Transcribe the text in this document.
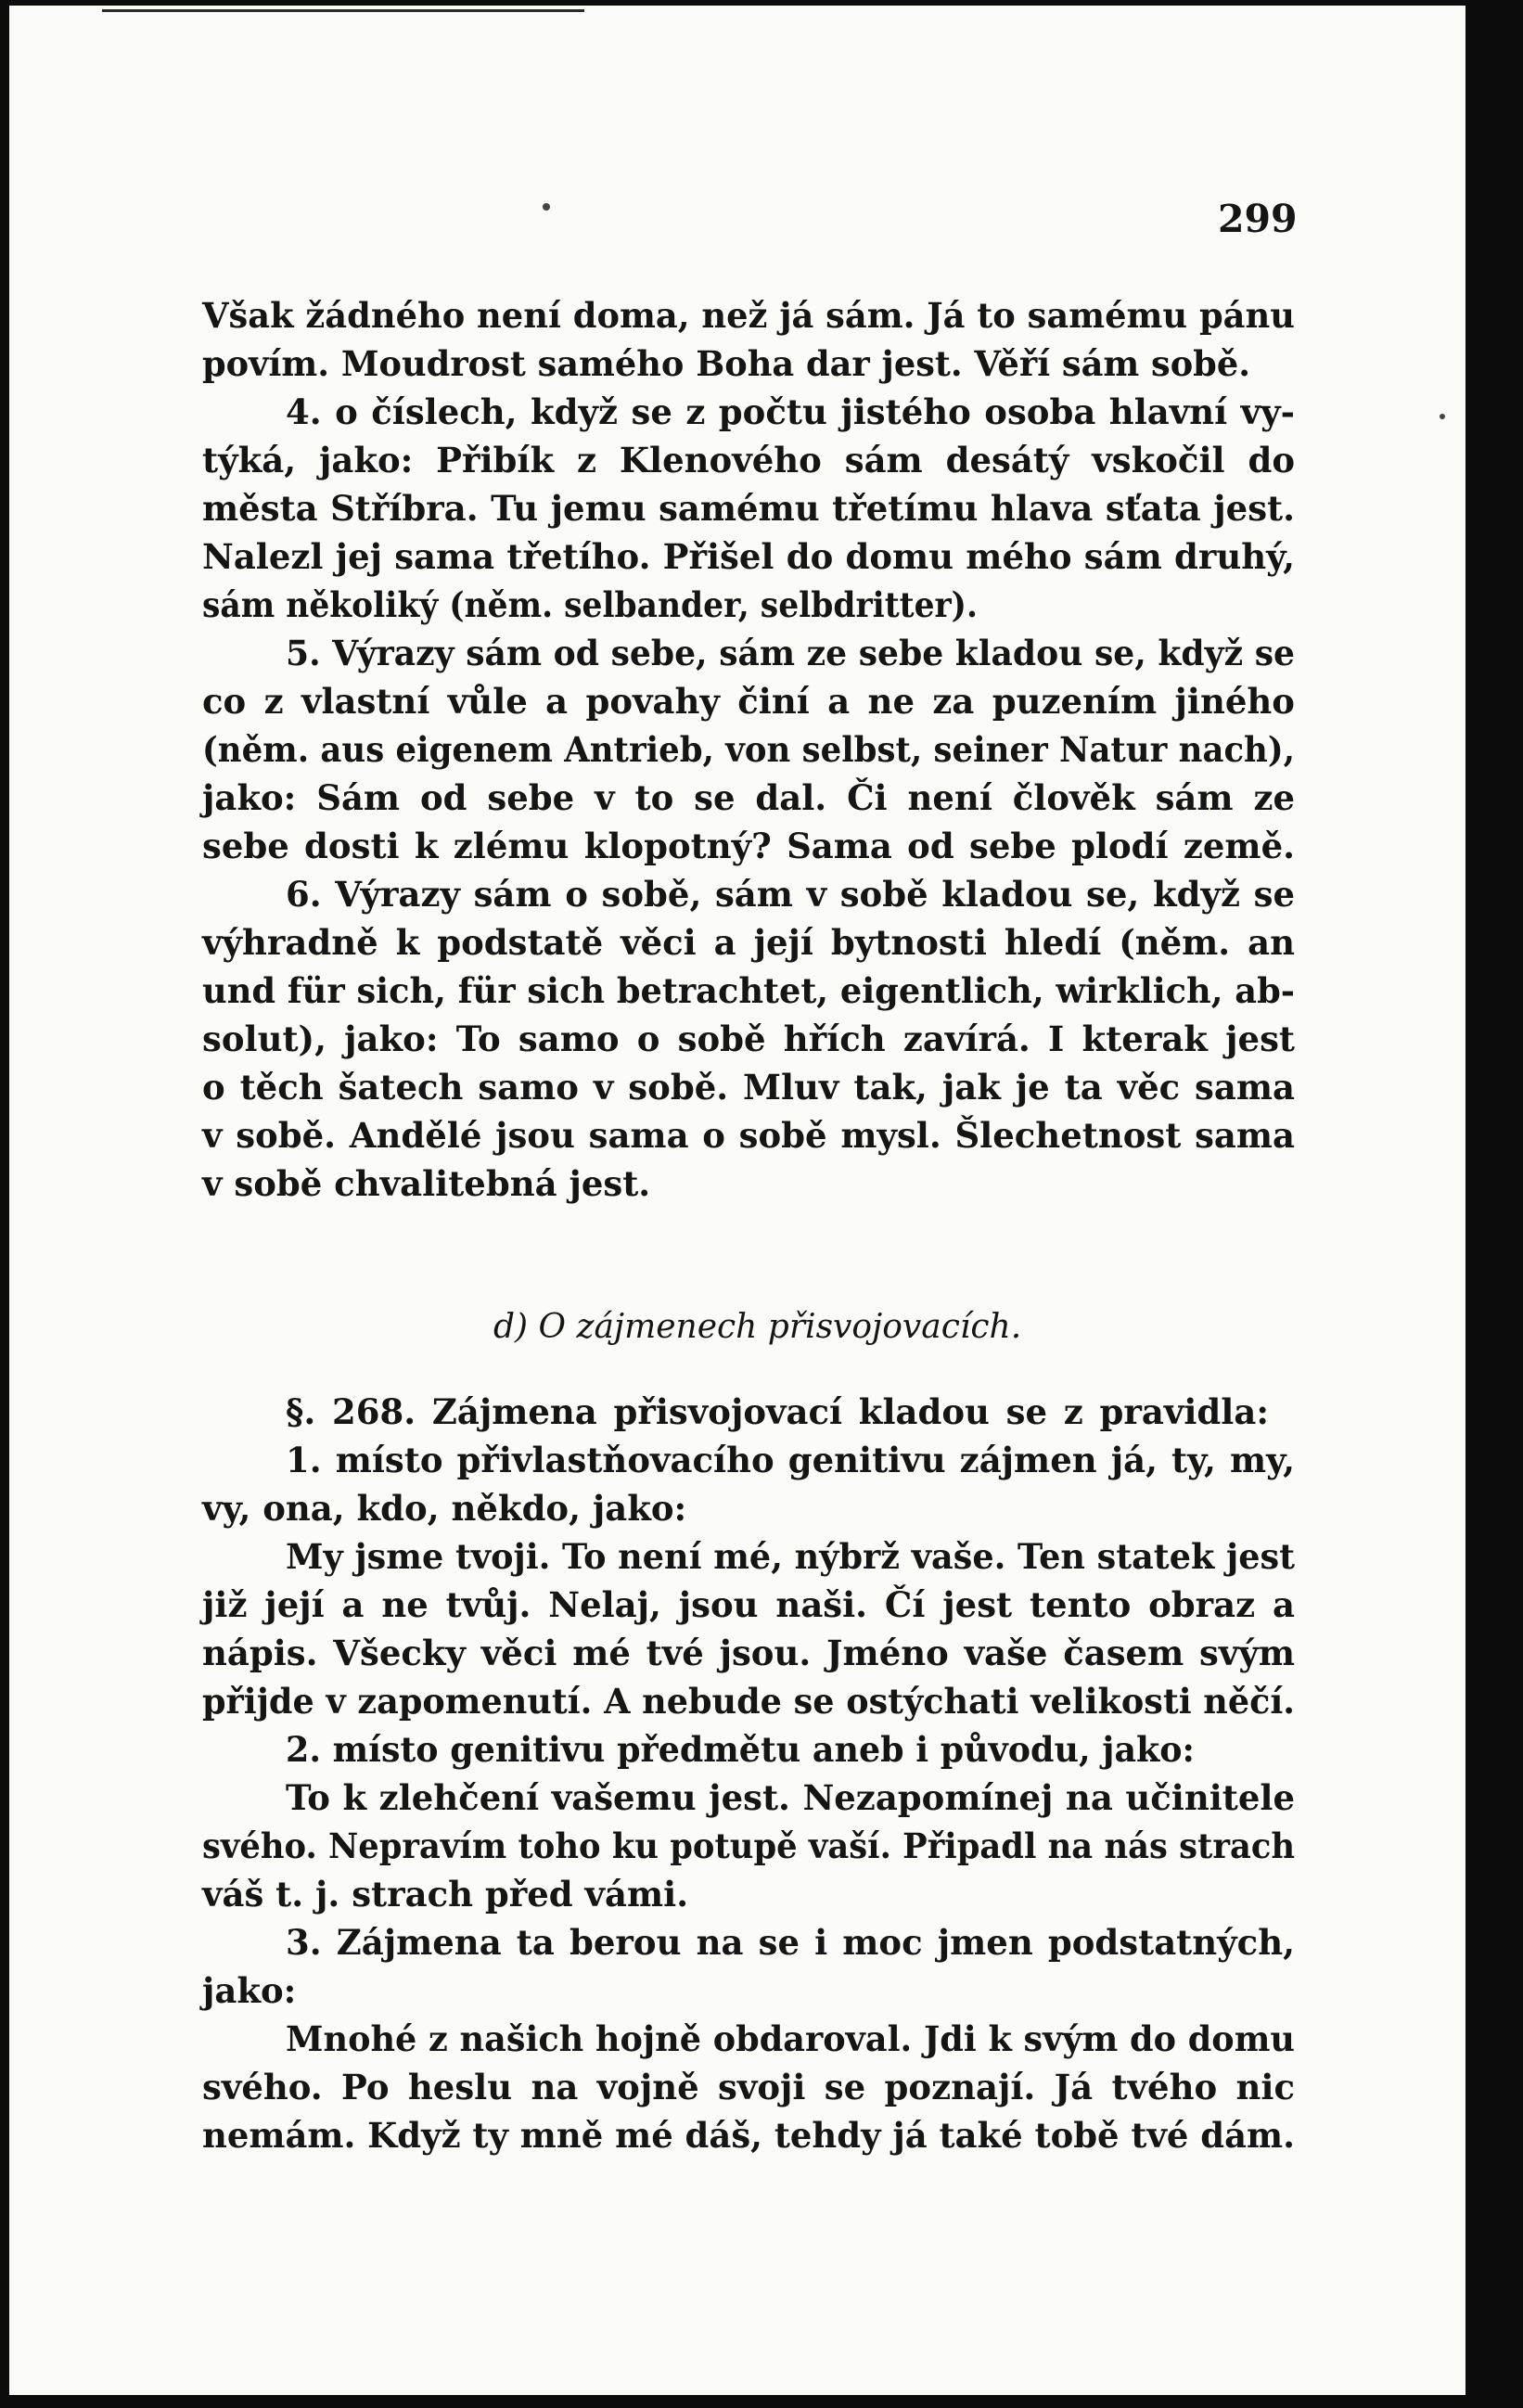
299
Však žádného není doma, než já sám. Já to samému pánu
povím. Moudrost samého Boha dar jest. Věří sám sobě.
4. o číslech, když se z počtu jistého osoba hlavní vy-
týká, jako: Přibík z Klenového sám desátý vskočil do
města Stříbra. Tu jemu samému třetímu hlava sťata jest.
Nalezl jej sama třetího. Přišel do domu mého sám druhý,
sám několiký (něm. selbander, selbdritter).
5. Výrazy sám od sebe, sám ze sebe kladou se, když se
co z vlastní vůle a povahy činí a ne za puzením jiného
(něm. aus eigenem Antrieb, von selbst, seiner Natur nach),
jako: Sám od sebe v to se dal. Či není člověk sám ze
sebe dosti k zlému klopotný? Sama od sebe plodí země.
6. Výrazy sám o sobě, sám v sobě kladou se, když se
výhradně k podstatě věci a její bytnosti hledí (něm. an
und für sich, für sich betrachtet, eigentlich, wirklich, ab-
solut), jako: To samo o sobě hřích zavírá. I kterak jest
o těch šatech samo v sobě. Mluv tak, jak je ta věc sama
v sobě. Andělé jsou sama o sobě mysl. Šlechetnost sama
v sobě chvalitebná jest.
§. 268. Zájmena přisvojovací kladou se z pravidla:
1. místo přivlastňovacího genitivu zájmen já, ty, my,
vy, ona, kdo, někdo, jako:
My jsme tvoji. To není mé, nýbrž vaše. Ten statek jest
již její a ne tvůj. Nelaj, jsou naši. Čí jest tento obraz a
nápis. Všecky věci mé tvé jsou. Jméno vaše časem svým
přijde v zapomenutí. A nebude se ostýchati velikosti něčí.
2. místo genitivu předmětu aneb i původu, jako:
To k zlehčení vašemu jest. Nezapomínej na učinitele
svého. Nepravím toho ku potupě vaší. Připadl na nás strach
váš t. j. strach před vámi.
3. Zájmena ta berou na se i moc jmen podstatných,
jako:
Mnohé z našich hojně obdaroval. Jdi k svým do domu
svého. Po heslu na vojně svoji se poznají. Já tvého nic
nemám. Když ty mně mé dáš, tehdy já také tobě tvé dám.
d) O zájmenech přisvojovacích.
